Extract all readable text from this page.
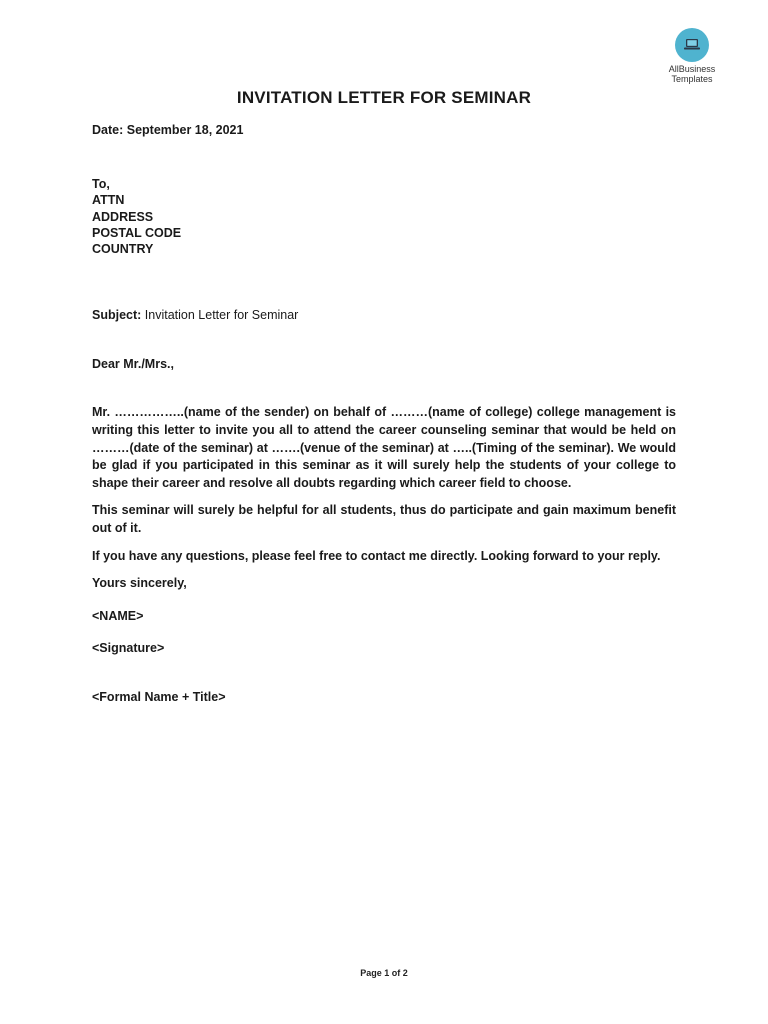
AllBusiness
Templates
INVITATION LETTER FOR SEMINAR
Date: September 18, 2021
To,
ATTN
ADDRESS
POSTAL CODE
COUNTRY
Subject: Invitation Letter for Seminar
Dear Mr./Mrs.,
Mr. ……………..(name of the sender) on behalf of ………(name of college) college management is writing this letter to invite you all to attend the career counseling seminar that would be held on ………(date of the seminar) at …….(venue of the seminar) at …..(Timing of the seminar). We would be glad if you participated in this seminar as it will surely help the students of your college to shape their career and resolve all doubts regarding which career field to choose.
This seminar will surely be helpful for all students, thus do participate and gain maximum benefit out of it.
If you have any questions, please feel free to contact me directly. Looking forward to your reply.
Yours sincerely,
<NAME>
<Signature>
<Formal Name + Title>
Page 1 of 2
